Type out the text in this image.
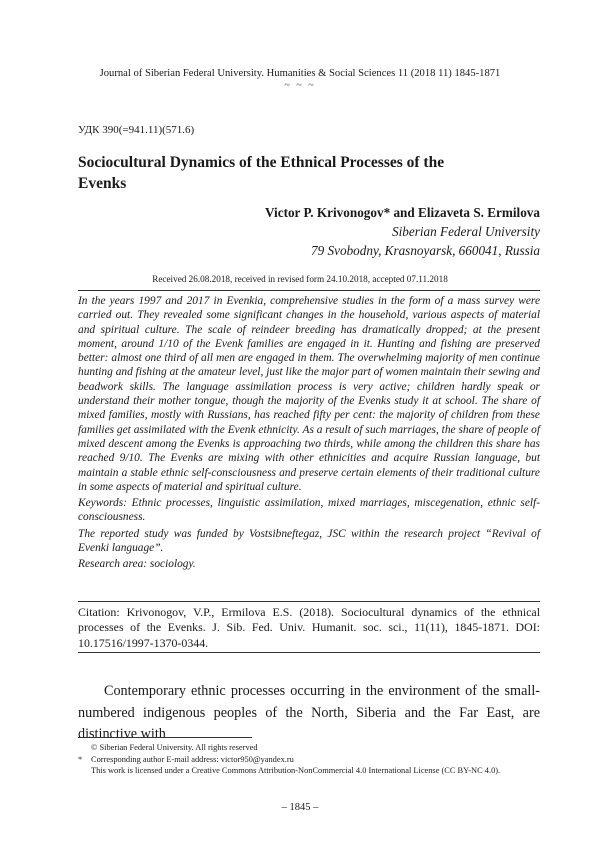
Journal of Siberian Federal University. Humanities & Social Sciences 11 (2018 11) 1845-1871
~ ~ ~
УДК 390(=941.11)(571.6)
Sociocultural Dynamics of the Ethnical Processes of the Evenks
Victor P. Krivonogov* and Elizaveta S. Ermilova
Siberian Federal University
79 Svobodny, Krasnoyarsk, 660041, Russia
Received 26.08.2018, received in revised form 24.10.2018, accepted 07.11.2018

In the years 1997 and 2017 in Evenkia, comprehensive studies in the form of a mass survey were carried out. They revealed some significant changes in the household, various aspects of material and spiritual culture. The scale of reindeer breeding has dramatically dropped; at the present moment, around 1/10 of the Evenk families are engaged in it. Hunting and fishing are preserved better: almost one third of all men are engaged in them. The overwhelming majority of men continue hunting and fishing at the amateur level, just like the major part of women maintain their sewing and beadwork skills. The language assimilation process is very active; children hardly speak or understand their mother tongue, though the majority of the Evenks study it at school. The share of mixed families, mostly with Russians, has reached fifty per cent: the majority of children from these families get assimilated with the Evenk ethnicity. As a result of such marriages, the share of people of mixed descent among the Evenks is approaching two thirds, while among the children this share has reached 9/10. The Evenks are mixing with other ethnicities and acquire Russian language, but maintain a stable ethnic self-consciousness and preserve certain elements of their traditional culture in some aspects of material and spiritual culture.

Keywords: Ethnic processes, linguistic assimilation, mixed marriages, miscegenation, ethnic self-consciousness.

The reported study was funded by Vostsibneftegaz, JSC within the research project “Revival of Evenki language”.

Research area: sociology.

Citation: Krivonogov, V.P., Ermilova E.S. (2018). Sociocultural dynamics of the ethnical processes of the Evenks. J. Sib. Fed. Univ. Humanit. soc. sci., 11(11), 1845-1871. DOI: 10.17516/1997-1370-0344.
Contemporary ethnic processes occurring in the environment of the small-numbered indigenous peoples of the North, Siberia and the Far East, are distinctive with
© Siberian Federal University. All rights reserved
* Corresponding author E-mail address: victor950@yandex.ru
This work is licensed under a Creative Commons Attribution-NonCommercial 4.0 International License (CC BY-NC 4.0).
– 1845 –
